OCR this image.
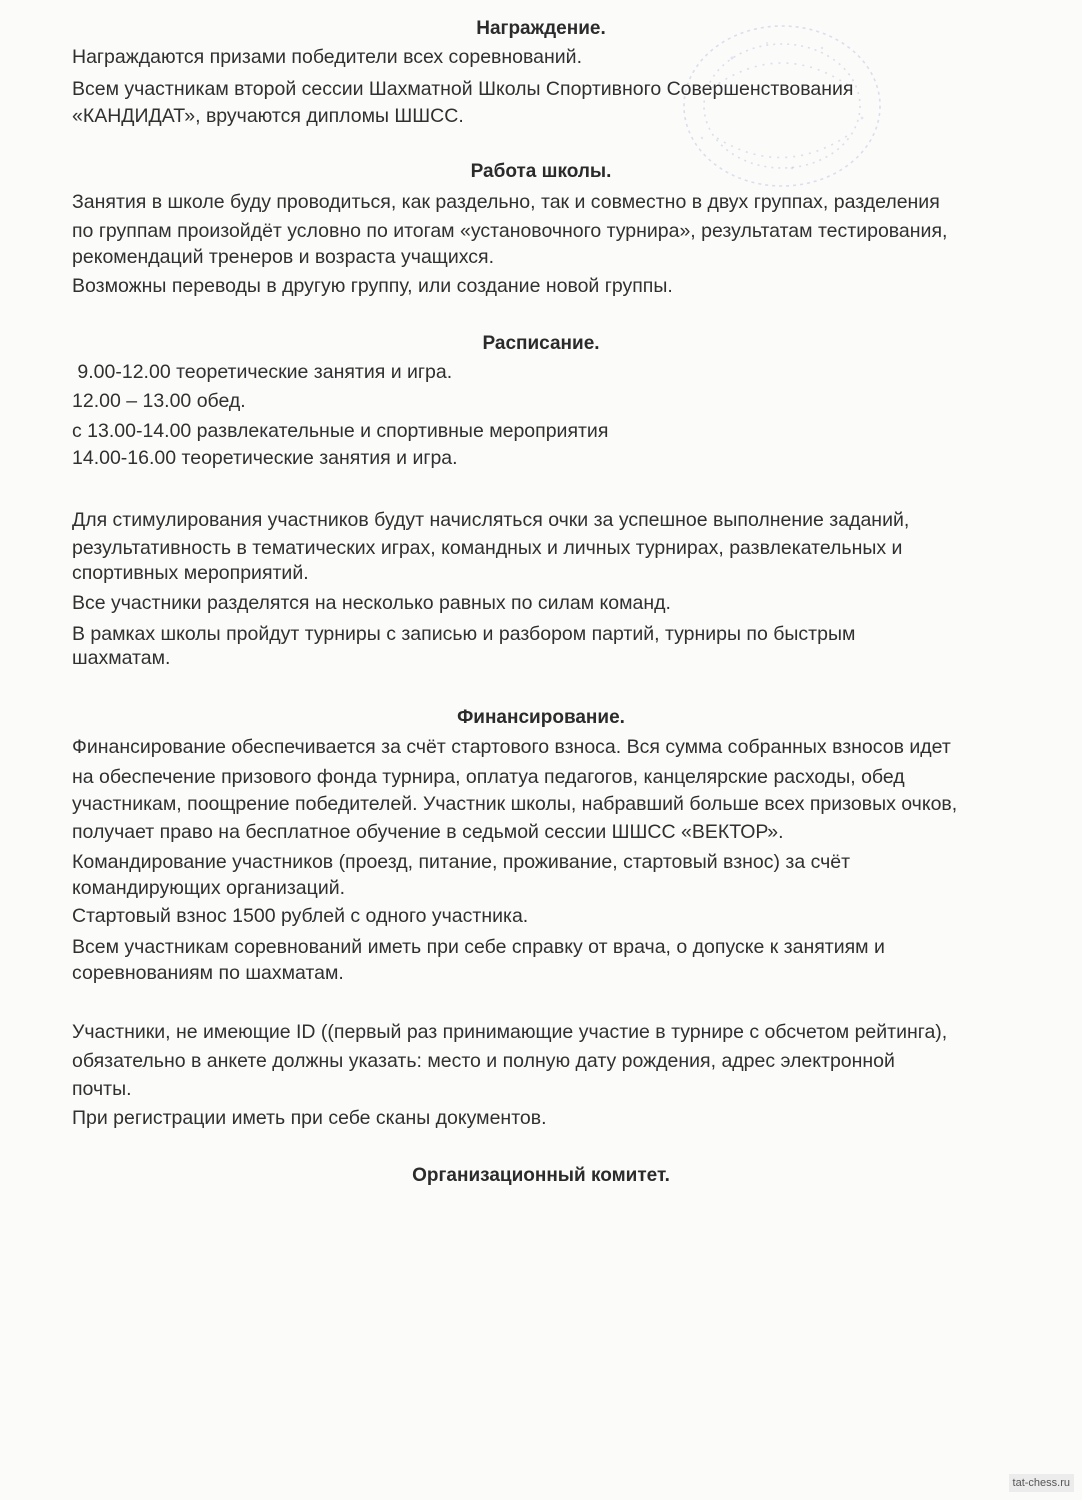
Награждение.
Награждаются призами победители всех соревнований.
Всем участникам второй сессии Шахматной Школы Спортивного Совершенствования
«КАНДИДАТ», вручаются дипломы ШШСС.
Работа школы.
Занятия в школе буду проводиться, как раздельно, так и совместно в двух группах, разделения
по группам произойдёт условно по итогам «установочного турнира», результатам тестирования,
рекомендаций тренеров и возраста учащихся.
Возможны переводы в другую группу, или создание новой группы.
Расписание.
9.00-12.00 теоретические занятия и игра.
12.00 – 13.00 обед.
с 13.00-14.00 развлекательные и спортивные мероприятия
14.00-16.00 теоретические занятия и игра.
Для стимулирования участников будут начисляться очки за успешное выполнение заданий,
результативность в тематических играх, командных и личных турнирах, развлекательных и
спортивных мероприятий.
Все участники разделятся на несколько равных по силам команд.
В рамках школы пройдут турниры с записью и разбором партий, турниры по быстрым
шахматам.
Финансирование.
Финансирование обеспечивается за счёт стартового взноса. Вся сумма собранных взносов идет
на обеспечение призового фонда турнира, оплатуа педагогов, канцелярские расходы, обед
участникам, поощрение победителей. Участник школы, набравший больше всех призовых очков,
получает право на бесплатное обучение в седьмой сессии ШШСС «ВЕКТОР».
Командирование участников (проезд, питание, проживание, стартовый взнос) за счёт
командирующих организаций.
Стартовый взнос 1500 рублей с одного участника.
Всем участникам соревнований иметь при себе справку от врача, о допуске к занятиям и
соревнованиям по шахматам.
Участники, не имеющие ID ((первый раз принимающие участие в турнире с обсчетом рейтинга),
обязательно в анкете должны указать: место и полную дату рождения, адрес электронной
почты.
При регистрации иметь при себе сканы документов.
Организационный комитет.
tat-chess.ru
